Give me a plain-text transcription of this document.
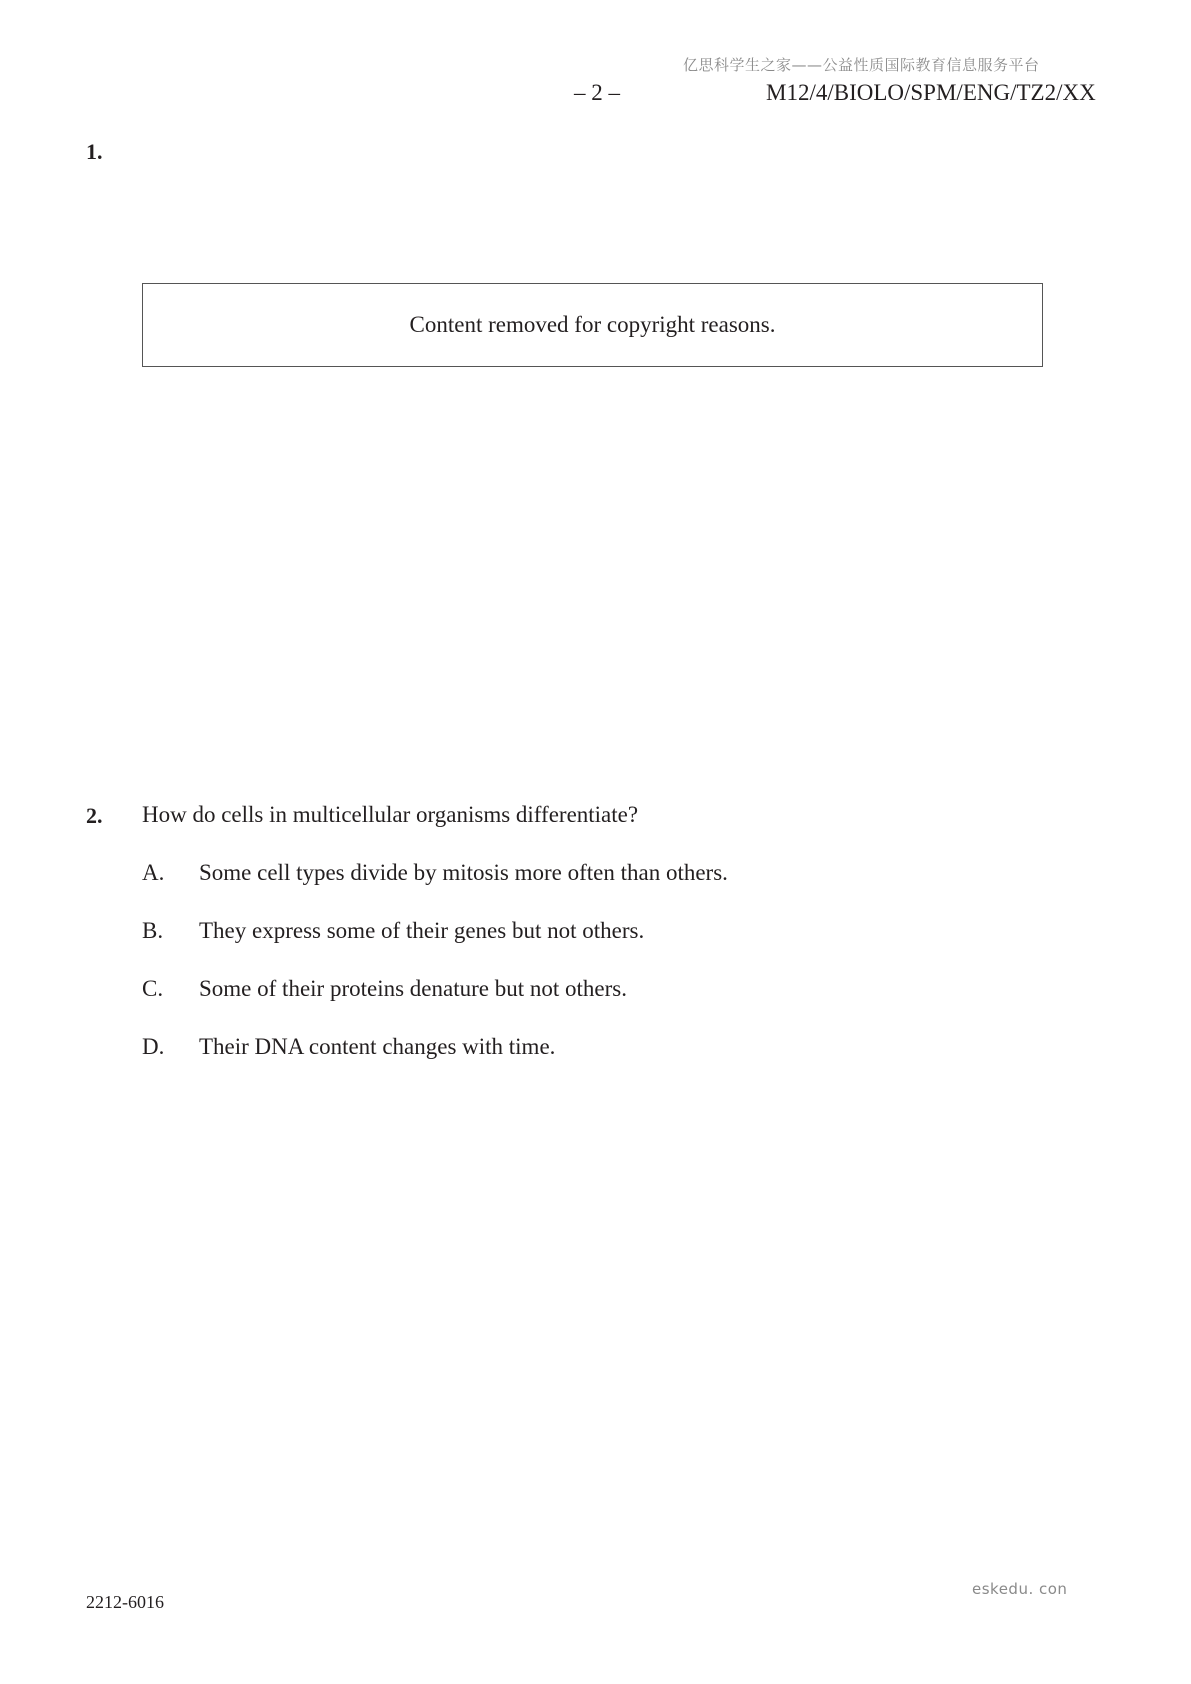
亿思科学生之家——公益性质国际教育信息服务平台
– 2 –	M12/4/BIOLO/SPM/ENG/TZ2/XX
1.
Content removed for copyright reasons.
2. How do cells in multicellular organisms differentiate?
A. Some cell types divide by mitosis more often than others.
B. They express some of their genes but not others.
C. Some of their proteins denature but not others.
D. Their DNA content changes with time.
2212-6016
eskedu. con
